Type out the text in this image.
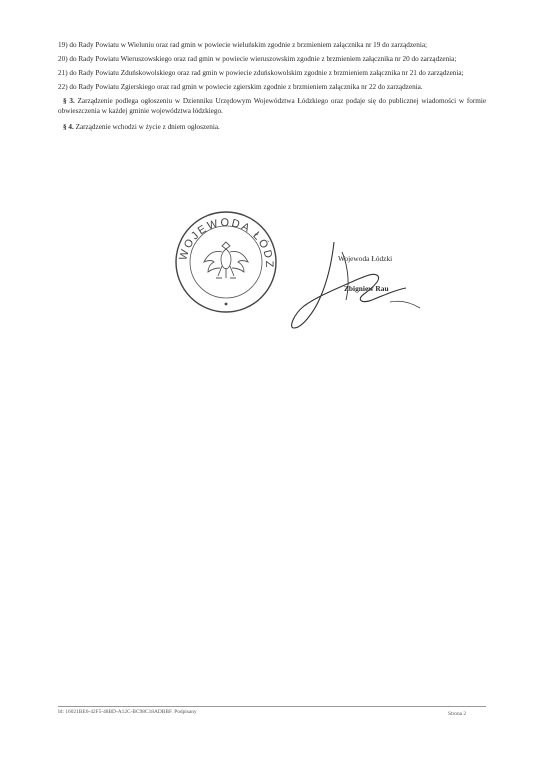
19) do Rady Powiatu w Wieluniu oraz rad gmin w powiecie wieluńskim zgodnie z brzmieniem załącznika nr 19 do zarządzenia;
20) do Rady Powiatu Wieruszowskiego oraz rad gmin w powiecie wieruszowskim zgodnie z brzmieniem załącznika nr 20 do zarządzenia;
21) do Rady Powiatu Zduńskowolskiego oraz rad gmin w powiecie zduńskowolskim zgodnie z brzmieniem załącznika nr 21 do zarządzenia;
22) do Rady Powiatu Zgierskiego oraz rad gmin w powiecie zgierskim zgodnie z brzmieniem załącznika nr 22 do zarządzenia.
§ 3. Zarządzenie podlega ogłoszeniu w Dzienniku Urzędowym Województwa Łódzkiego oraz podaje się do publicznej wiadomości w formie obwieszczenia w każdej gminie województwa łódzkiego.
§ 4. Zarządzenie wchodzi w życie z dniem ogłoszenia.
WOJEWODA ŁÓDZ
Wojewoda Łódzki
Zbigniew Rau
Id: 16021BE6-42F5-48BD-A12C-BC98C18ADBBF. Podpisany	Strona 2
